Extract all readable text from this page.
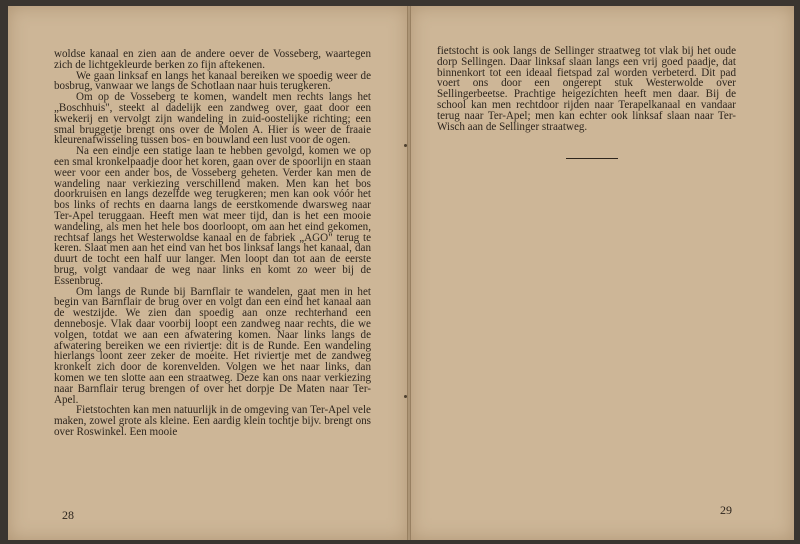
woldse kanaal en zien aan de andere oever de Vosseberg, waartegen zich de lichtgekleurde berken zo fijn aftekenen.

We gaan linksaf en langs het kanaal bereiken we spoedig weer de bosbrug, vanwaar we langs de Schotlaan naar huis terugkeren.

Om op de Vosseberg te komen, wandelt men rechts langs het „Boschhuis", steekt al dadelijk een zandweg over, gaat door een kwekerij en vervolgt zijn wandeling in zuid-oostelijke richting; een smal bruggetje brengt ons over de Molen A. Hier is weer de fraaie kleurenafwisseling tussen bos- en bouwland een lust voor de ogen.

Na een eindje een statige laan te hebben gevolgd, komen we op een smal kronkelpaadje door het koren, gaan over de spoorlijn en staan weer voor een ander bos, de Vosseberg geheten. Verder kan men de wandeling naar verkiezing verschillend maken. Men kan het bos doorkruisen en langs dezelfde weg terugkeren; men kan ook vóór het bos links of rechts en daarna langs de eerstkomende dwarsweg naar Ter-Apel teruggaan. Heeft men wat meer tijd, dan is het een mooie wandeling, als men het hele bos doorloopt, om aan het eind gekomen, rechtsaf langs het Westerwoldse kanaal en de fabriek „AGO" terug te keren. Slaat men aan het eind van het bos linksaf langs het kanaal, dan duurt de tocht een half uur langer. Men loopt dan tot aan de eerste brug, volgt vandaar de weg naar links en komt zo weer bij de Essenbrug.

Om langs de Runde bij Barnflair te wandelen, gaat men in het begin van Barnflair de brug over en volgt dan een eind het kanaal aan de westzijde. We zien dan spoedig aan onze rechterhand een dennebosje. Vlak daar voorbij loopt een zandweg naar rechts, die we volgen, totdat we aan een afwatering komen. Naar links langs de afwatering bereiken we een riviertje: dit is de Runde. Een wandeling hierlangs loont zeer zeker de moeite. Het riviertje met de zandweg kronkelt zich door de korenvelden. Volgen we het naar links, dan komen we ten slotte aan een straatweg. Deze kan ons naar verkiezing naar Barnflair terug brengen of over het dorpje De Maten naar Ter-Apel.

Fietstochten kan men natuurlijk in de omgeving van Ter-Apel vele maken, zowel grote als kleine. Een aardig klein tochtje bijv. brengt ons over Roswinkel. Een mooie

fietstocht is ook langs de Sellinger straatweg tot vlak bij het oude dorp Sellingen. Daar linksaf slaan langs een vrij goed paadje, dat binnenkort tot een ideaal fietspad zal worden verbeterd. Dit pad voert ons door een ongerept stuk Westerwolde over Sellingerbeetse. Prachtige heigezichten heeft men daar. Bij de school kan men rechtdoor rijden naar Terapelkanaal en vandaar terug naar Ter-Apel; men kan echter ook linksaf slaan naar Ter-Wisch aan de Sellinger straatweg.

28	29
